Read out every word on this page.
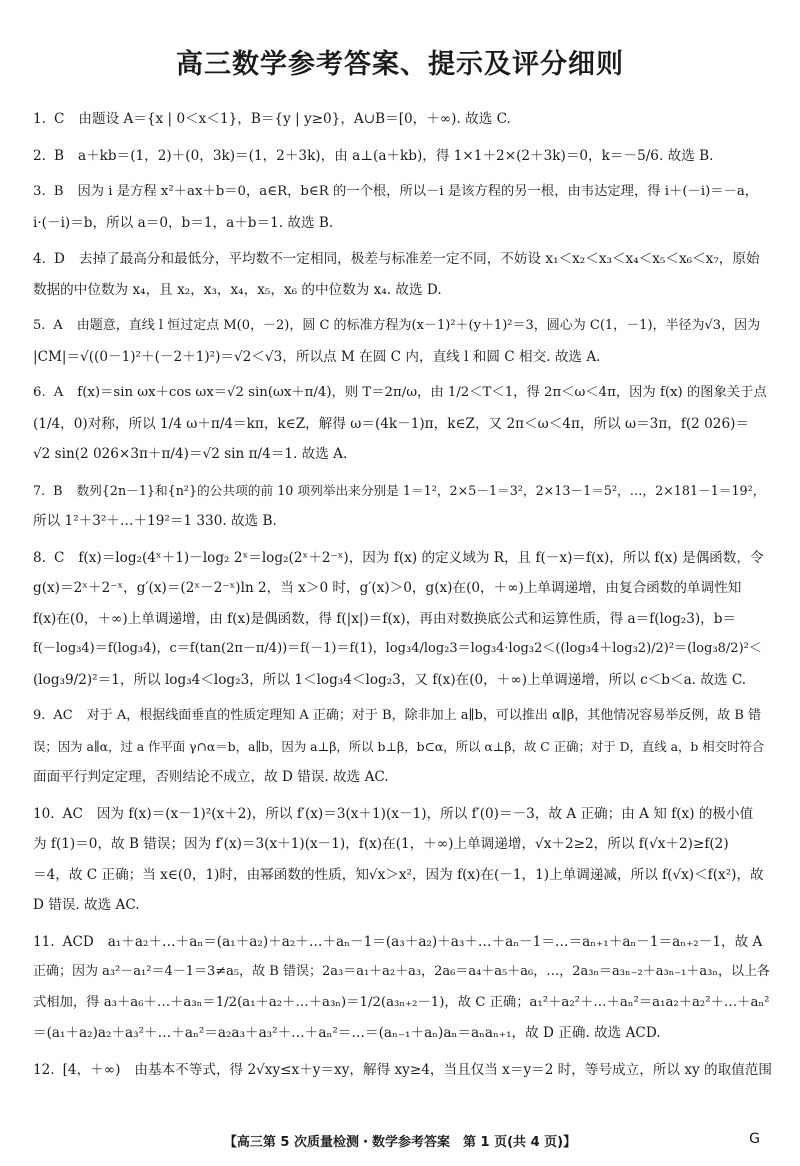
高三数学参考答案、提示及评分细则
1. C 由题设 A＝{x | 0＜x＜1}，B＝{y | y≥0}，A∪B＝[0，＋∞). 故选 C.
2. B a＋kb＝(1，2)＋(0，3k)＝(1，2＋3k)，由 a⊥(a＋kb)，得 1×1＋2×(2＋3k)＝0，k＝－5/6. 故选 B.
3. B 因为 i 是方程 x²＋ax＋b＝0，a∈R，b∈R 的一个根，所以－i 是该方程的另一根，由韦达定理，得 i＋(－i)＝－a，
i·(－i)＝b，所以 a＝0，b＝1，a＋b＝1. 故选 B.
4. D 去掉了最高分和最低分，平均数不一定相同，极差与标准差一定不同，不妨设 x₁＜x₂＜x₃＜x₄＜x₅＜x₆＜x₇，原始
数据的中位数为 x₄，且 x₂，x₃，x₄，x₅，x₆ 的中位数为 x₄. 故选 D.
5. A 由题意，直线 l 恒过定点 M(0，－2)，圆 C 的标准方程为(x－1)²＋(y＋1)²＝3，圆心为 C(1，－1)，半径为√3，因为
|CM|＝√((0－1)²＋(－2＋1)²)＝√2＜√3，所以点 M 在圆 C 内，直线 l 和圆 C 相交. 故选 A.
6. A f(x)＝sin ωx＋cos ωx＝√2 sin(ωx＋π/4)，则 T＝2π/ω，由 1/2＜T＜1，得 2π＜ω＜4π，因为 f(x) 的图象关于点
(1/4，0)对称，所以 1/4 ω＋π/4＝kπ，k∈Z，解得 ω＝(4k－1)π，k∈Z，又 2π＜ω＜4π，所以 ω＝3π，f(2 026)＝
√2 sin(2 026×3π＋π/4)＝√2 sin π/4＝1. 故选 A.
7. B 数列{2n－1}和{n²}的公共项的前 10 项列举出来分别是 1＝1²，2×5－1＝3²，2×13－1＝5²，…，2×181－1＝19²，
所以 1²＋3²＋…＋19²＝1 330. 故选 B.
8. C f(x)＝log₂(4ˣ＋1)－log₂ 2ˣ＝log₂(2ˣ＋2⁻ˣ)，因为 f(x) 的定义域为 R，且 f(－x)＝f(x)，所以 f(x) 是偶函数，令
g(x)＝2ˣ＋2⁻ˣ，g′(x)＝(2ˣ－2⁻ˣ)ln 2，当 x＞0 时，g′(x)＞0，g(x)在(0，＋∞)上单调递增，由复合函数的单调性知
f(x)在(0，＋∞)上单调递增，由 f(x)是偶函数，得 f(|x|)＝f(x)，再由对数换底公式和运算性质，得 a＝f(log₂3)，b＝
f(－log₃4)＝f(log₃4)，c＝f(tan(2π－π/4))＝f(－1)＝f(1)，log₃4/log₂3＝log₃4·log₃2＜((log₃4＋log₃2)/2)²＝(log₃8/2)²＜
(log₃9/2)²＝1，所以 log₃4＜log₂3，所以 1＜log₃4＜log₂3，又 f(x)在(0，＋∞)上单调递增，所以 c＜b＜a. 故选 C.
9. AC 对于 A，根据线面垂直的性质定理知 A 正确；对于 B，除非加上 a∥b，可以推出 α∥β，其他情况容易举反例，故 B 错
误；因为 a∥α，过 a 作平面 γ∩α＝b，a∥b，因为 a⊥β，所以 b⊥β，b⊂α，所以 α⊥β，故 C 正确；对于 D，直线 a，b 相交时符合
面面平行判定定理，否则结论不成立，故 D 错误. 故选 AC.
10. AC 因为 f(x)＝(x－1)²(x＋2)，所以 f′(x)＝3(x＋1)(x－1)，所以 f′(0)＝－3，故 A 正确；由 A 知 f(x) 的极小值
为 f(1)＝0，故 B 错误；因为 f′(x)＝3(x＋1)(x－1)，f(x)在(1，＋∞)上单调递增，√x＋2≥2，所以 f(√x＋2)≥f(2)
＝4，故 C 正确；当 x∈(0，1)时，由幂函数的性质，知√x＞x²，因为 f(x)在(－1，1)上单调递减，所以 f(√x)＜f(x²)，故
D 错误. 故选 AC.
11. ACD a₁＋a₂＋…＋aₙ＝(a₁＋a₂)＋a₂＋…＋aₙ－1＝(a₃＋a₂)＋a₃＋…＋aₙ－1＝…＝aₙ₊₁＋aₙ－1＝aₙ₊₂－1，故 A
正确；因为 a₃²－a₁²＝4－1＝3≠a₅，故 B 错误；2a₃＝a₁＋a₂＋a₃，2a₆＝a₄＋a₅＋a₆，…，2a₃ₙ＝a₃ₙ₋₂＋a₃ₙ₋₁＋a₃ₙ，以上各
式相加，得 a₃＋a₆＋…＋a₃ₙ＝1/2(a₁＋a₂＋…＋a₃ₙ)＝1/2(a₃ₙ₊₂－1)，故 C 正确；a₁²＋a₂²＋…＋aₙ²＝a₁a₂＋a₂²＋…＋aₙ²
＝(a₁＋a₂)a₂＋a₃²＋…＋aₙ²＝a₂a₃＋a₃²＋…＋aₙ²＝…＝(aₙ₋₁＋aₙ)aₙ＝aₙaₙ₊₁，故 D 正确. 故选 ACD.
12. [4，＋∞) 由基本不等式，得 2√xy≤x＋y＝xy，解得 xy≥4，当且仅当 x＝y＝2 时，等号成立，所以 xy 的取值范围
【高三第 5 次质量检测・数学参考答案　第 1 页(共 4 页)】	G
